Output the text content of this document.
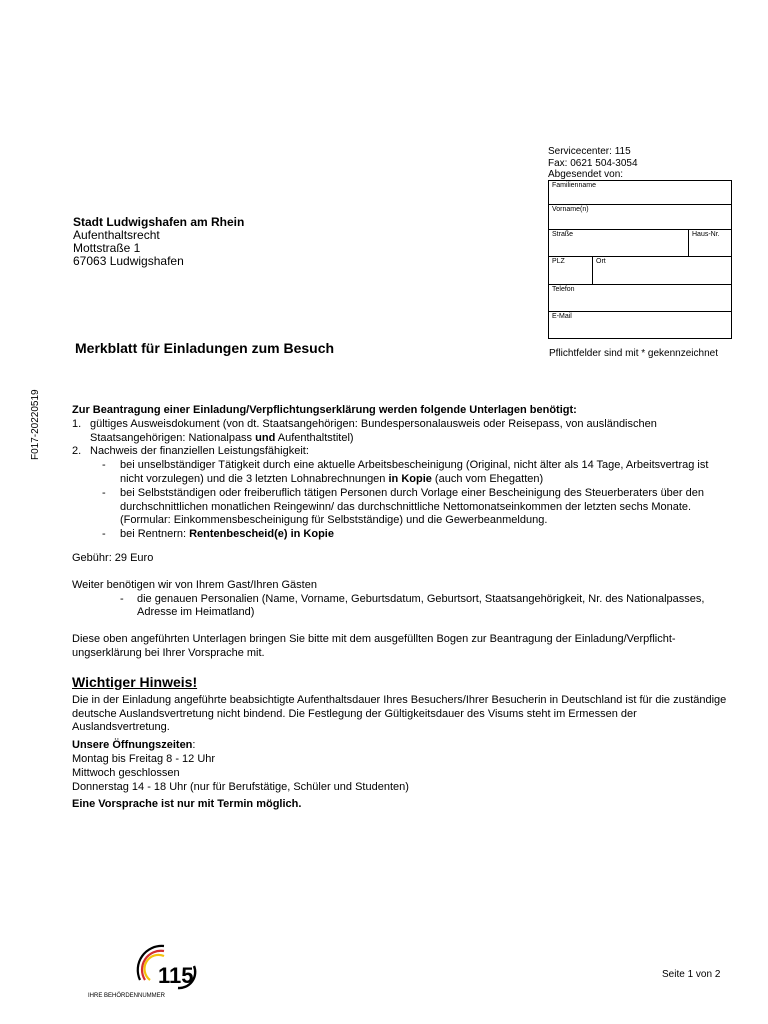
Servicecenter: 115
Fax: 0621 504-3054
Abgesendet von:
Familienname
Vorname(n)
Straße	Haus-Nr.
PLZ	Ort
Telefon
E-Mail
Stadt Ludwigshafen am Rhein
Aufenthaltsrecht
Mottstraße 1
67063 Ludwigshafen
Merkblatt für Einladungen zum Besuch	Pflichtfelder sind mit * gekennzeichnet
F017-20220519	Zur Beantragung einer Einladung/Verpflichtungserklärung werden folgende Unterlagen benötigt:

1. gültiges Ausweisdokument (von dt. Staatsangehörigen: Bundespersonalausweis oder Reisepass, von ausländischen Staatsangehörigen: Nationalpass und Aufenthaltstitel)
2. Nachweis der finanziellen Leistungsfähigkeit:
-	bei unselbständiger Tätigkeit durch eine aktuelle Arbeitsbescheinigung (Original, nicht älter als 14 Tage, Arbeitsvertrag ist nicht vorzulegen) und die 3 letzten Lohnabrechnungen in Kopie (auch vom Ehegatten)
-	bei Selbstständigen oder freiberuflich tätigen Personen durch Vorlage einer Bescheinigung des Steuerberaters über den durchschnittlichen monatlichen Reingewinn/ das durchschnittliche Nettomonatseinkommen der letzten sechs Monate. (Formular: Einkommensbescheinigung für Selbstständige) und die Gewerbeanmeldung.
-	bei Rentnern: Rentenbescheid(e) in Kopie

Gebühr: 29 Euro

Weiter benötigen wir von Ihrem Gast/Ihren Gästen

-	die genauen Personalien (Name, Vorname, Geburtsdatum, Geburtsort, Staatsangehörigkeit, Nr. des Nationalpasses, Adresse im Heimatland)

Diese oben angeführten Unterlagen bringen Sie bitte mit dem ausgefüllten Bogen zur Beantragung der Einladung/Verpflicht-ungserklärung bei Ihrer Vorsprache mit.

Wichtiger Hinweis!

Die in der Einladung angeführte beabsichtigte Aufenthaltsdauer Ihres Besuchers/Ihrer Besucherin in Deutschland ist für die zuständige deutsche Auslandsvertretung nicht bindend. Die Festlegung der Gültigkeitsdauer des Visums steht im Ermessen der Auslandsvertretung.

Unsere Öffnungszeiten:

Montag bis Freitag 8 - 12 Uhr

Mittwoch geschlossen

Donnerstag 14 - 18 Uhr (nur für Berufstätige, Schüler und Studenten)

Eine Vorsprache ist nur mit Termin möglich.

115
IHRE BEHÖRDENNUMMER
Seite 1 von 2
